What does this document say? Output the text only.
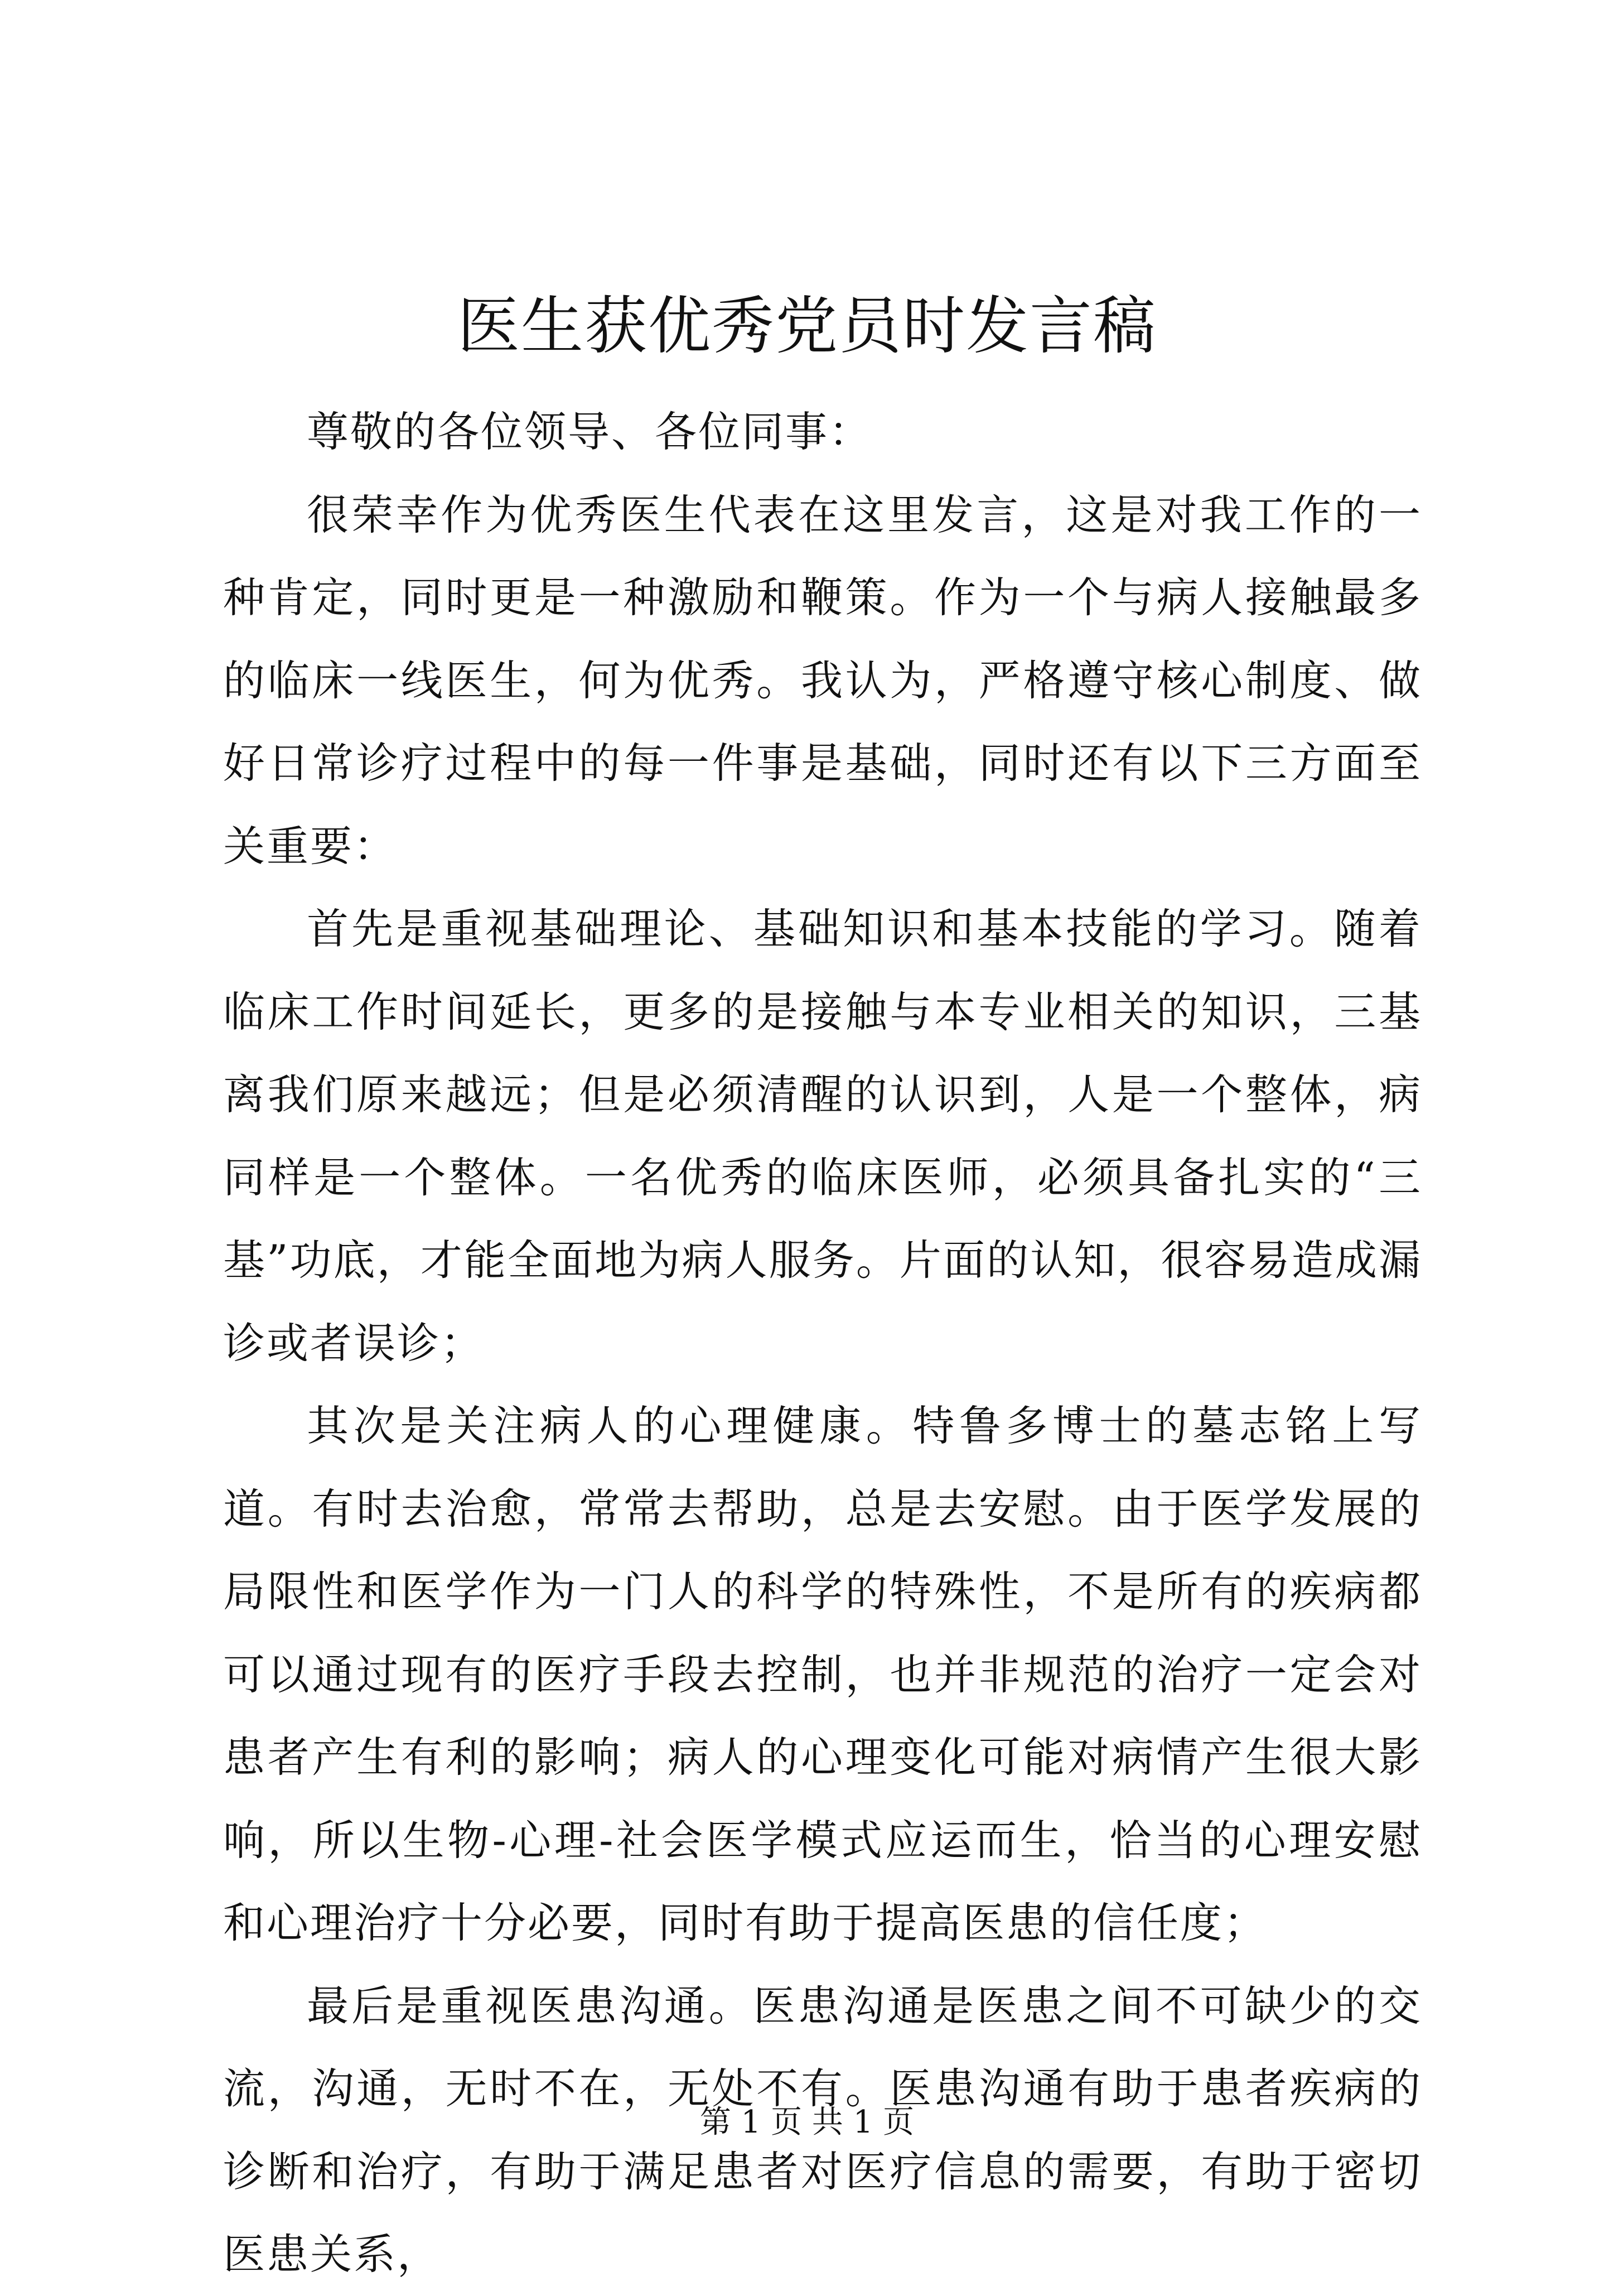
医生获优秀党员时发言稿

尊敬的各位领导、各位同事：

很荣幸作为优秀医生代表在这里发言，这是对我工作的一种肯定，同时更是一种激励和鞭策。作为一个与病人接触最多的临床一线医生，何为优秀。我认为，严格遵守核心制度、做好日常诊疗过程中的每一件事是基础，同时还有以下三方面至关重要：

首先是重视基础理论、基础知识和基本技能的学习。随着临床工作时间延长，更多的是接触与本专业相关的知识，三基离我们原来越远；但是必须清醒的认识到，人是一个整体，病同样是一个整体。一名优秀的临床医师，必须具备扎实的“三基”功底，才能全面地为病人服务。片面的认知，很容易造成漏诊或者误诊；

其次是关注病人的心理健康。特鲁多博士的墓志铭上写道。有时去治愈，常常去帮助，总是去安慰。由于医学发展的局限性和医学作为一门人的科学的特殊性，不是所有的疾病都可以通过现有的医疗手段去控制，也并非规范的治疗一定会对患者产生有利的影响；病人的心理变化可能对病情产生很大影响，所以生物-心理-社会医学模式应运而生，恰当的心理安慰和心理治疗十分必要，同时有助于提高医患的信任度；

最后是重视医患沟通。医患沟通是医患之间不可缺少的交流，沟通，无时不在，无处不有。医患沟通有助于患者疾病的诊断和治疗，有助于满足患者对医疗信息的需要，有助于密切医患关系，

第 1 页 共 1 页
